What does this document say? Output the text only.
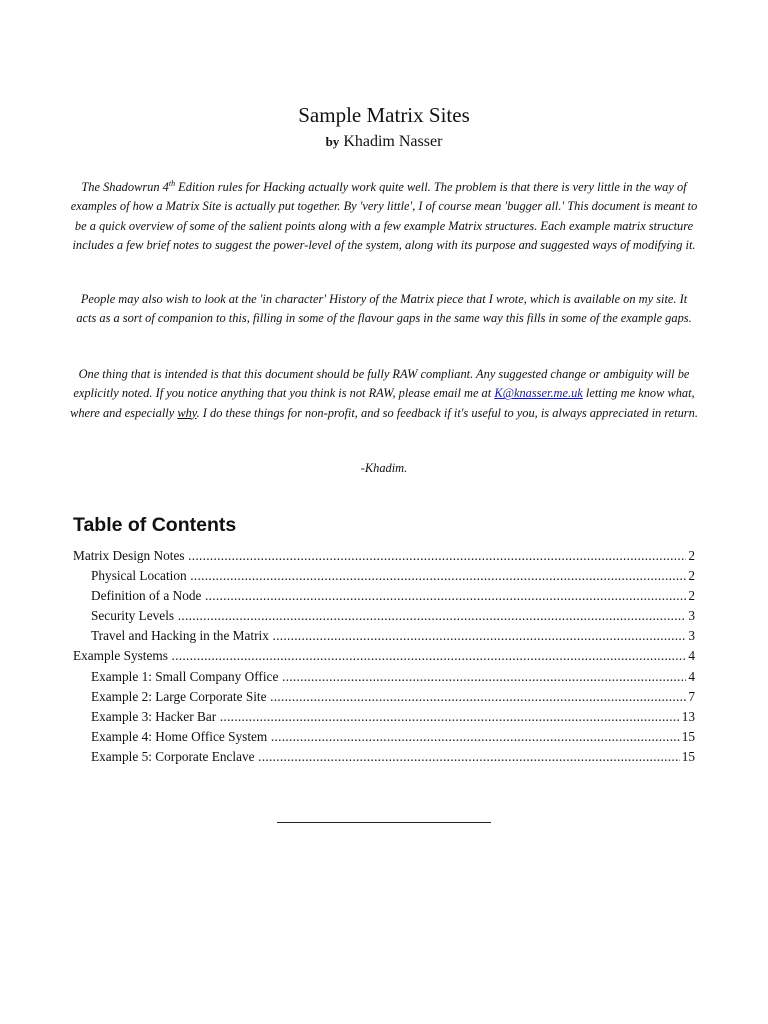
Sample Matrix Sites
by Khadim Nasser

The Shadowrun 4th Edition rules for Hacking actually work quite well. The problem is that there is very little in the way of examples of how a Matrix Site is actually put together. By 'very little', I of course mean 'bugger all.' This document is meant to be a quick overview of some of the salient points along with a few example Matrix structures. Each example matrix structure includes a few brief notes to suggest the power-level of the system, along with its purpose and suggested ways of modifying it.

People may also wish to look at the 'in character' History of the Matrix piece that I wrote, which is available on my site. It acts as a sort of companion to this, filling in some of the flavour gaps in the same way this fills in some of the example gaps.

One thing that is intended is that this document should be fully RAW compliant. Any suggested change or ambiguity will be explicitly noted. If you notice anything that you think is not RAW, please email me at K@knasser.me.uk letting me know what, where and especially why. I do these things for non-profit, and so feedback if it's useful to you, is always appreciated in return.

-Khadim.

Table of Contents
Matrix Design Notes .....	2
Physical Location .....	2
Definition of a Node .....	2
Security Levels .....	3
Travel and Hacking in the Matrix .....	3
Example Systems .....	4
Example 1: Small Company Office .....	4
Example 2: Large Corporate Site .....	7
Example 3: Hacker Bar .....	13
Example 4: Home Office System .....	15
Example 5: Corporate Enclave .....	15
